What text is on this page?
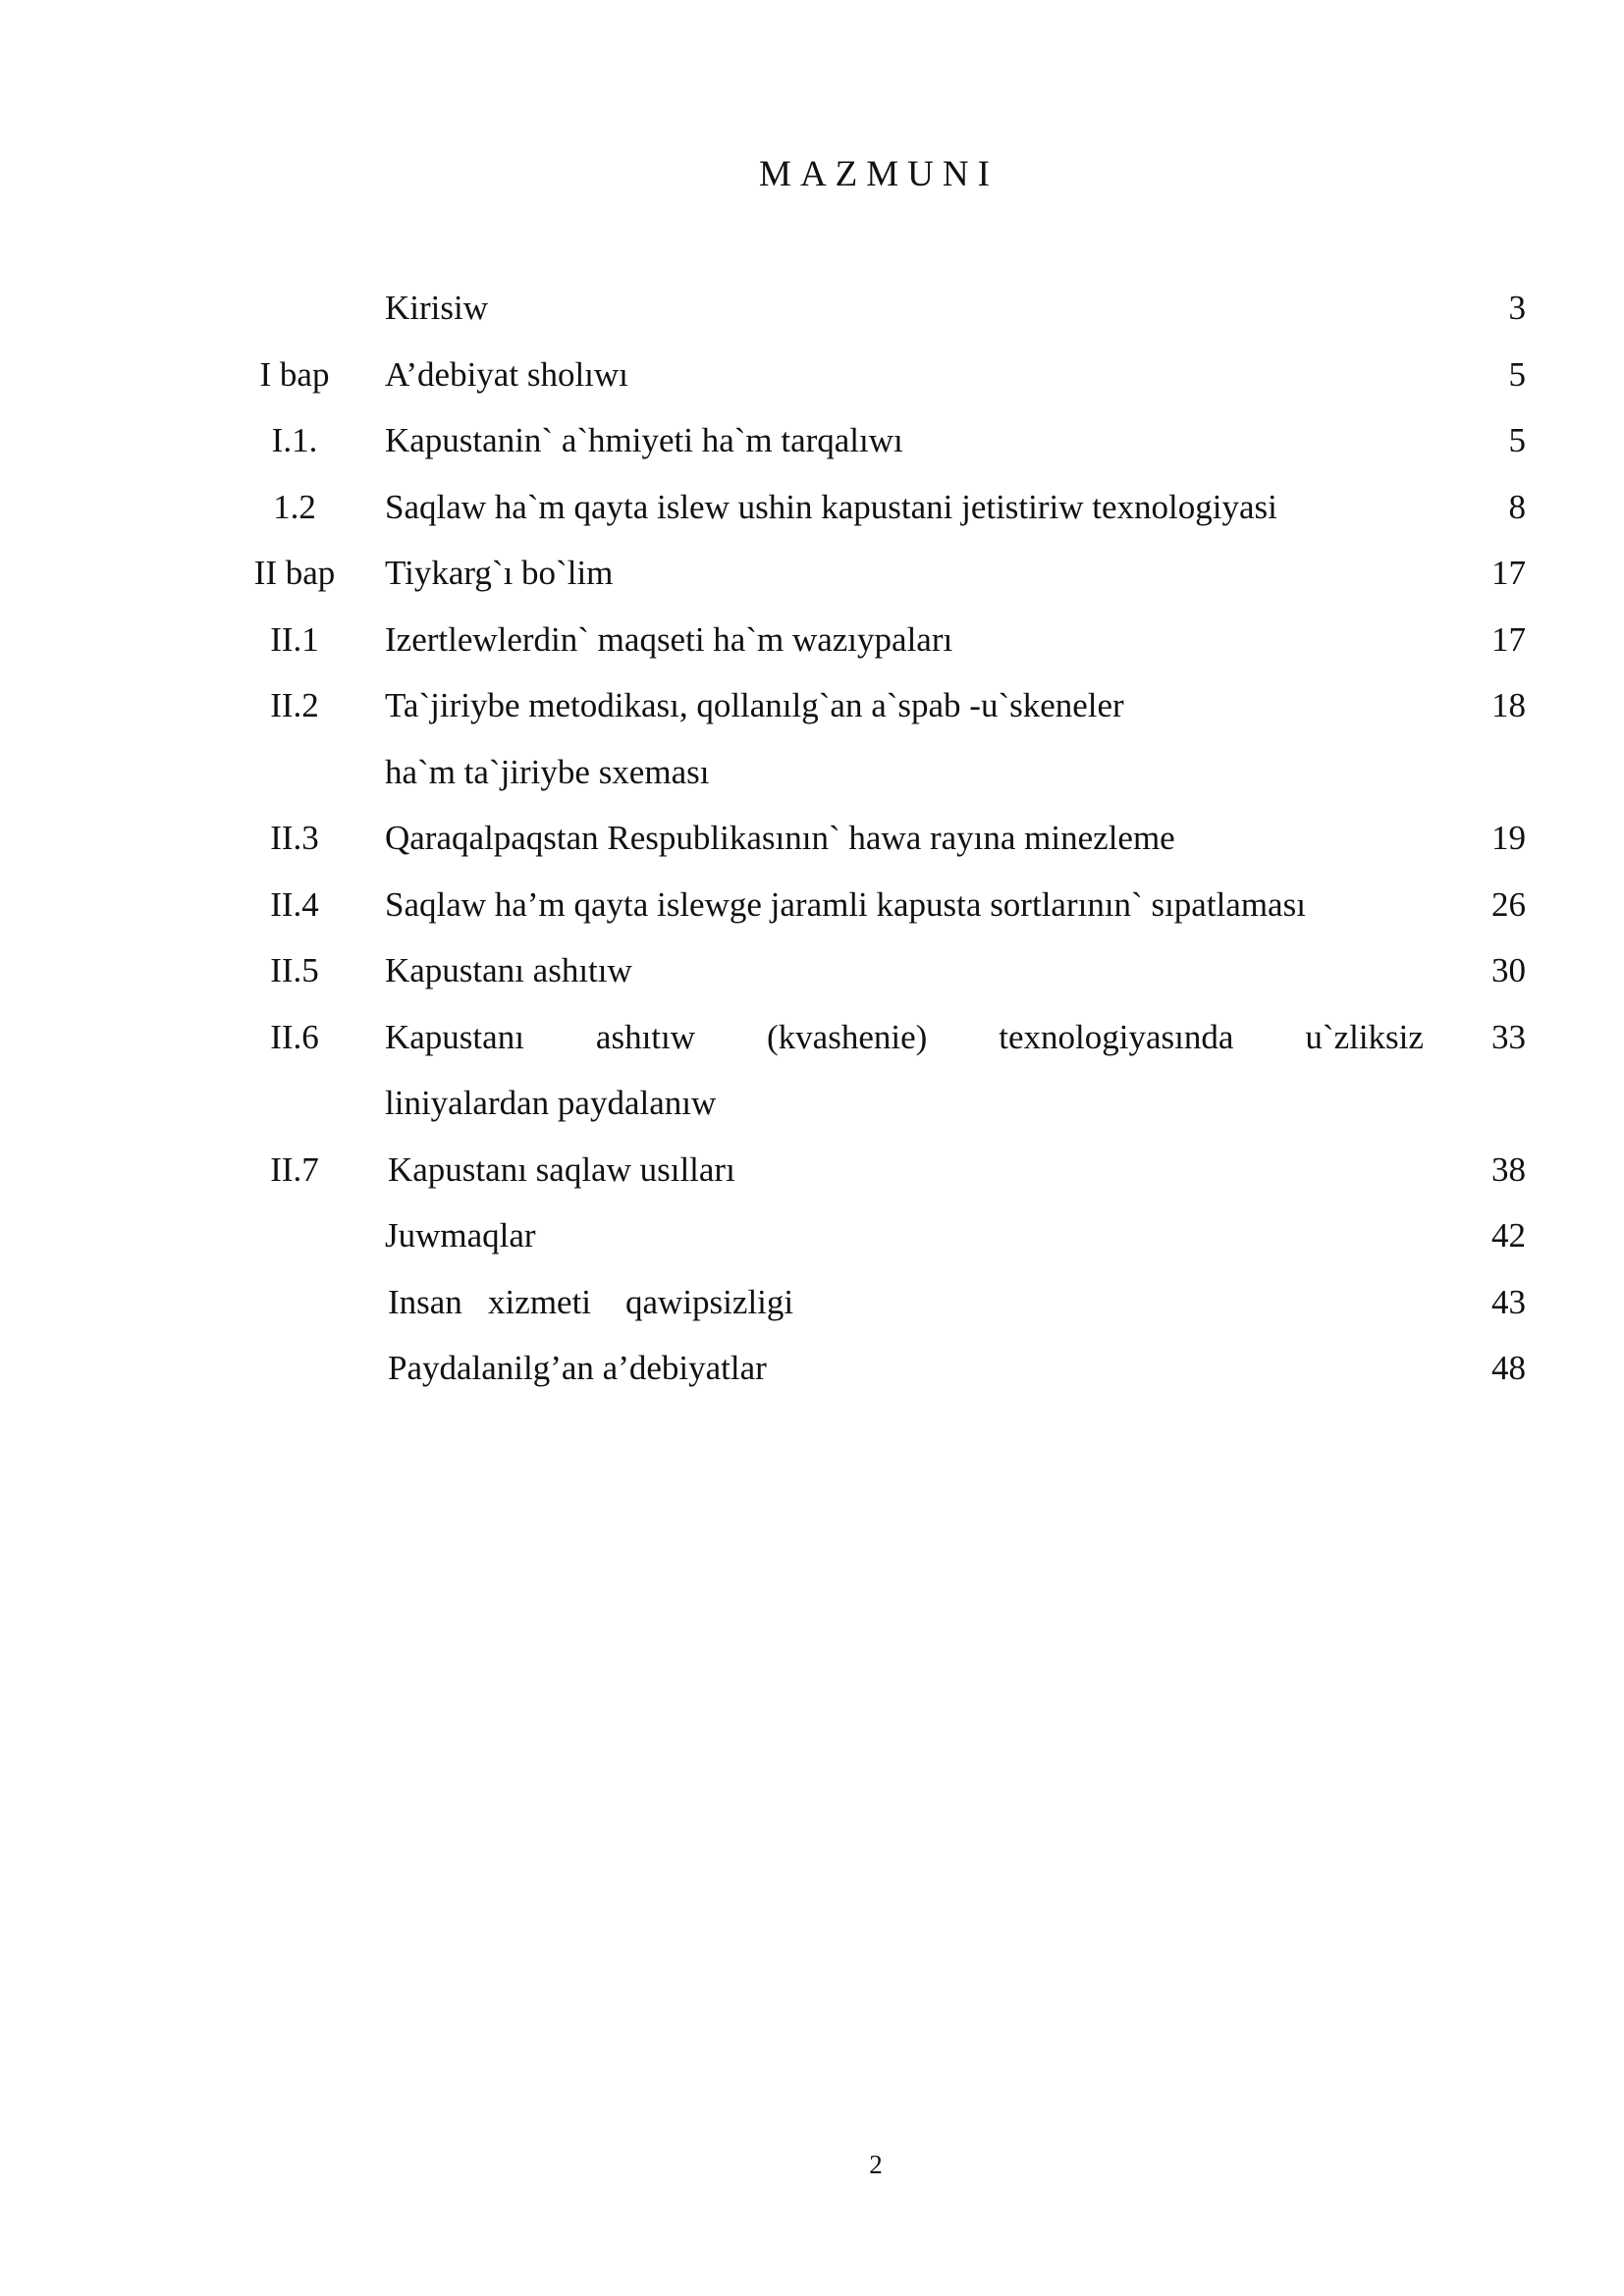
MAZMUNI
Kirisiw	3
I bap	A’debiyat sholıwı	5
I.1.	Kapustanin` a`hmiyeti ha`m tarqalıwı	5
1.2	Saqlaw ha`m qayta islew ushin kapustani jetistiriw texnologiyasi	8
II bap	Tiykarg`ı bo`lim	17
II.1	Izertlewlerdin` maqseti ha`m wazıypaları	17
II.2	Ta`jiriybe metodikası, qollanılg`an a`spab -u`skeneler	18
ha`m ta`jiriybe sxeması
II.3	Qaraqalpaqstan Respublikasının` hawa rayına minezleme	19
II.4	Saqlaw ha’m qayta islewge jaramli kapusta sortlarının` sıpatlaması	26
II.5	Kapustanı ashıtıw	30
II.6	Kapustanı ashıtıw (kvashenie) texnologiyasında u`zliksiz	33
liniyalardan paydalanıw
II.7	Kapustanı saqlaw usılları	38
Juwmaqlar	42
Insan   xizmeti    qawipsizligi	43
Paydalanilg’an a’debiyatlar	48
2
